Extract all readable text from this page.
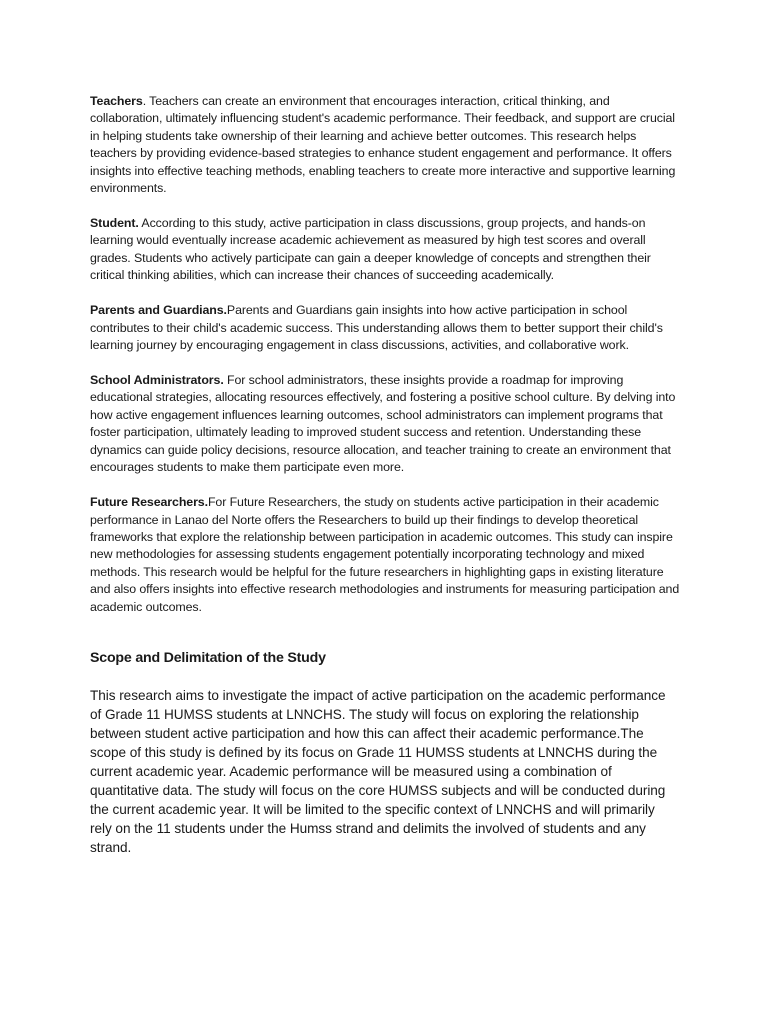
Teachers. Teachers can create an environment that encourages interaction, critical thinking, and collaboration, ultimately influencing student's academic performance. Their feedback, and support are crucial in helping students take ownership of their learning and achieve better outcomes. This research helps teachers by providing evidence-based strategies to enhance student engagement and performance. It offers insights into effective teaching methods, enabling teachers to create more interactive and supportive learning environments.

Student. According to this study, active participation in class discussions, group projects, and hands-on learning would eventually increase academic achievement as measured by high test scores and overall grades. Students who actively participate can gain a deeper knowledge of concepts and strengthen their critical thinking abilities, which can increase their chances of succeeding academically.

Parents and Guardians.Parents and Guardians gain insights into how active participation in school contributes to their child's academic success. This understanding allows them to better support their child's learning journey by encouraging engagement in class discussions, activities, and collaborative work.

School Administrators. For school administrators, these insights provide a roadmap for improving educational strategies, allocating resources effectively, and fostering a positive school culture. By delving into how active engagement influences learning outcomes, school administrators can implement programs that foster participation, ultimately leading to improved student success and retention. Understanding these dynamics can guide policy decisions, resource allocation, and teacher training to create an environment that encourages students to make them participate even more.

Future Researchers.For Future Researchers, the study on students active participation in their academic performance in Lanao del Norte offers the Researchers to build up their findings to develop theoretical frameworks that explore the relationship between participation in academic outcomes. This study can inspire new methodologies for assessing students engagement potentially incorporating technology and mixed methods. This research would be helpful for the future researchers in highlighting gaps in existing literature and also offers insights into effective research methodologies and instruments for measuring participation and academic outcomes.

Scope and Delimitation of the Study

This research aims to investigate the impact of active participation on the academic performance of Grade 11 HUMSS students at LNNCHS. The study will focus on exploring the relationship between student active participation and how this can affect their academic performance.The scope of this study is defined by its focus on Grade 11 HUMSS students at LNNCHS during the current academic year. Academic performance will be measured using a combination of quantitative data. The study will focus on the core HUMSS subjects and will be conducted during the current academic year. It will be limited to the specific context of LNNCHS and will primarily rely on the 11 students under the Humss strand and delimits the involved of students and any strand.
